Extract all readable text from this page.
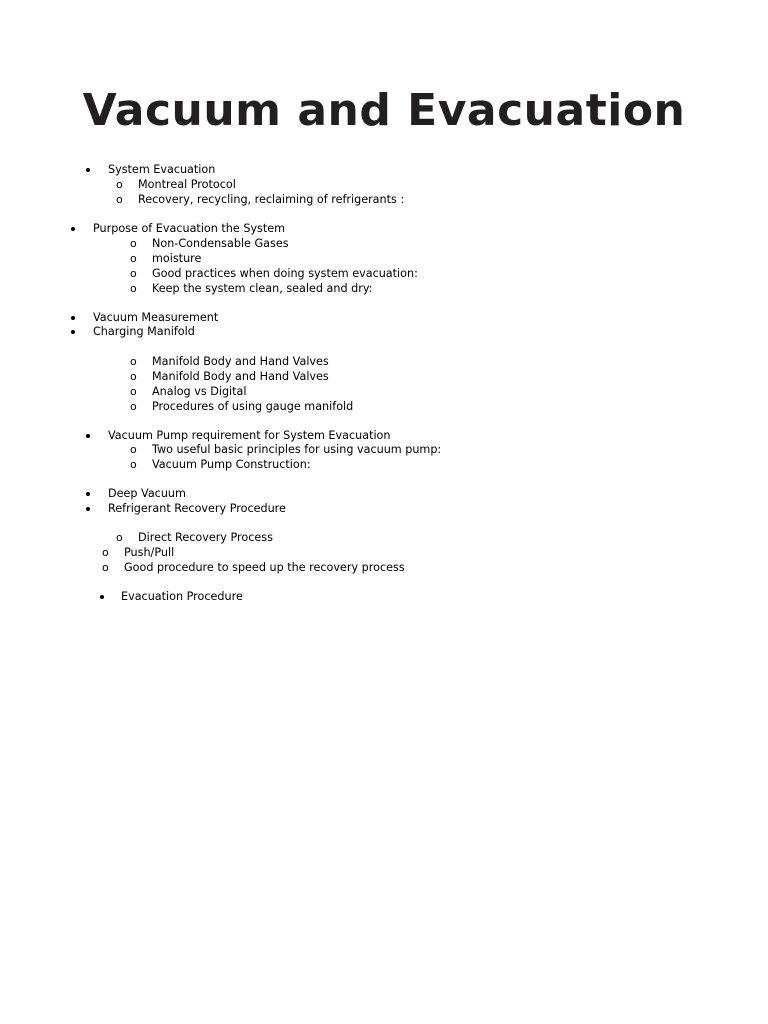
Vacuum and Evacuation
System Evacuation
o Montreal Protocol
o Recovery, recycling, reclaiming of refrigerants :
Purpose of Evacuation the System
o Non-Condensable Gases
o moisture
o Good practices when doing system evacuation:
o Keep the system clean, sealed and dry:
Vacuum Measurement
Charging Manifold
o Manifold Body and Hand Valves
o Manifold Body and Hand Valves
o Analog vs Digital
o Procedures of using gauge manifold
Vacuum Pump requirement for System Evacuation
o Two useful basic principles for using vacuum pump:
o Vacuum Pump Construction:
Deep Vacuum
Refrigerant Recovery Procedure
o Direct Recovery Process
o Push/Pull
o Good procedure to speed up the recovery process
Evacuation Procedure
